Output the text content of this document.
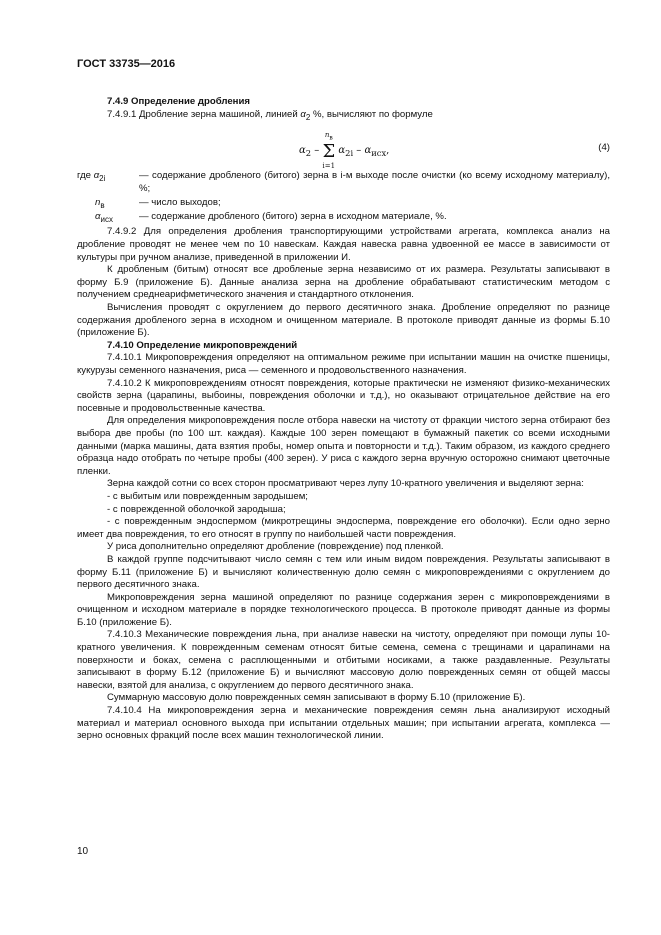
ГОСТ 33735—2016

7.4.9 Определение дробления

7.4.9.1 Дробление зерна машиной, линией $\alpha_2$ %, вычисляют по формуле

$\alpha_2$ –
$n_в$
Σ
i=1
$\alpha_{2i} - \alpha_{исх}$,	(4)
где $\alpha_{2i}$	— содержание дробленого (битого) зерна в i-м выходе после очистки (ко всему исходному материалу), %;
$n_в$	— число выходов;
$\alpha_{исх}$	— содержание дробленого (битого) зерна в исходном материале, %.

7.4.9.2 Для определения дробления транспортирующими устройствами агрегата, комплекса анализ на дробление проводят не менее чем по 10 навескам. Каждая навеска равна удвоенной ее массе в зависимости от культуры при ручном анализе, приведенной в приложении И.

К дробленым (битым) относят все дробленые зерна независимо от их размера. Результаты записывают в форму Б.9 (приложение Б). Данные анализа зерна на дробление обрабатывают статистическим методом с получением среднеарифметического значения и стандартного отклонения.

Вычисления проводят с округлением до первого десятичного знака. Дробление определяют по разнице содержания дробленого зерна в исходном и очищенном материале. В протоколе приводят данные из формы Б.10 (приложение Б).

7.4.10 Определение микроповреждений

7.4.10.1 Микроповреждения определяют на оптимальном режиме при испытании машин на очистке пшеницы, кукурузы семенного назначения, риса — семенного и продовольственного назначения.

7.4.10.2 К микроповреждениям относят повреждения, которые практически не изменяют физико-механических свойств зерна (царапины, выбоины, повреждения оболочки и т.д.), но оказывают отрицательное действие на его посевные и продовольственные качества.

Для определения микроповреждения после отбора навески на чистоту от фракции чистого зерна отбирают без выбора две пробы (по 100 шт. каждая). Каждые 100 зерен помещают в бумажный пакетик со всеми исходными данными (марка машины, дата взятия пробы, номер опыта и повторности и т.д.). Таким образом, из каждого среднего образца надо отобрать по четыре пробы (400 зерен). У риса с каждого зерна вручную осторожно снимают цветочные пленки.

Зерна каждой сотни со всех сторон просматривают через лупу 10-кратного увеличения и выделяют зерна:

- с выбитым или поврежденным зародышем;

- с поврежденной оболочкой зародыша;

- с поврежденным эндоспермом (микротрещины эндосперма, повреждение его оболочки). Если одно зерно имеет два повреждения, то его относят в группу по наибольшей части повреждения.

У риса дополнительно определяют дробление (повреждение) под пленкой.

В каждой группе подсчитывают число семян с тем или иным видом повреждения. Результаты записывают в форму Б.11 (приложение Б) и вычисляют количественную долю семян с микроповреждениями с округлением до первого десятичного знака.

Микроповреждения зерна машиной определяют по разнице содержания зерен с микроповреждениями в очищенном и исходном материале в порядке технологического процесса. В протоколе приводят данные из формы Б.10 (приложение Б).

7.4.10.3 Механические повреждения льна, при анализе навески на чистоту, определяют при помощи лупы 10-кратного увеличения. К поврежденным семенам относят битые семена, семена с трещинами и царапинами на поверхности и боках, семена с расплющенными и отбитыми носиками, а также раздавленные. Результаты записывают в форму Б.12 (приложение Б) и вычисляют массовую долю поврежденных семян от общей массы навески, взятой для анализа, с округлением до первого десятичного знака.

Суммарную массовую долю поврежденных семян записывают в форму Б.10 (приложение Б).

7.4.10.4 На микроповреждения зерна и механические повреждения семян льна анализируют исходный материал и материал основного выхода при испытании отдельных машин; при испытании агрегата, комплекса — зерно основных фракций после всех машин технологической линии.

10
